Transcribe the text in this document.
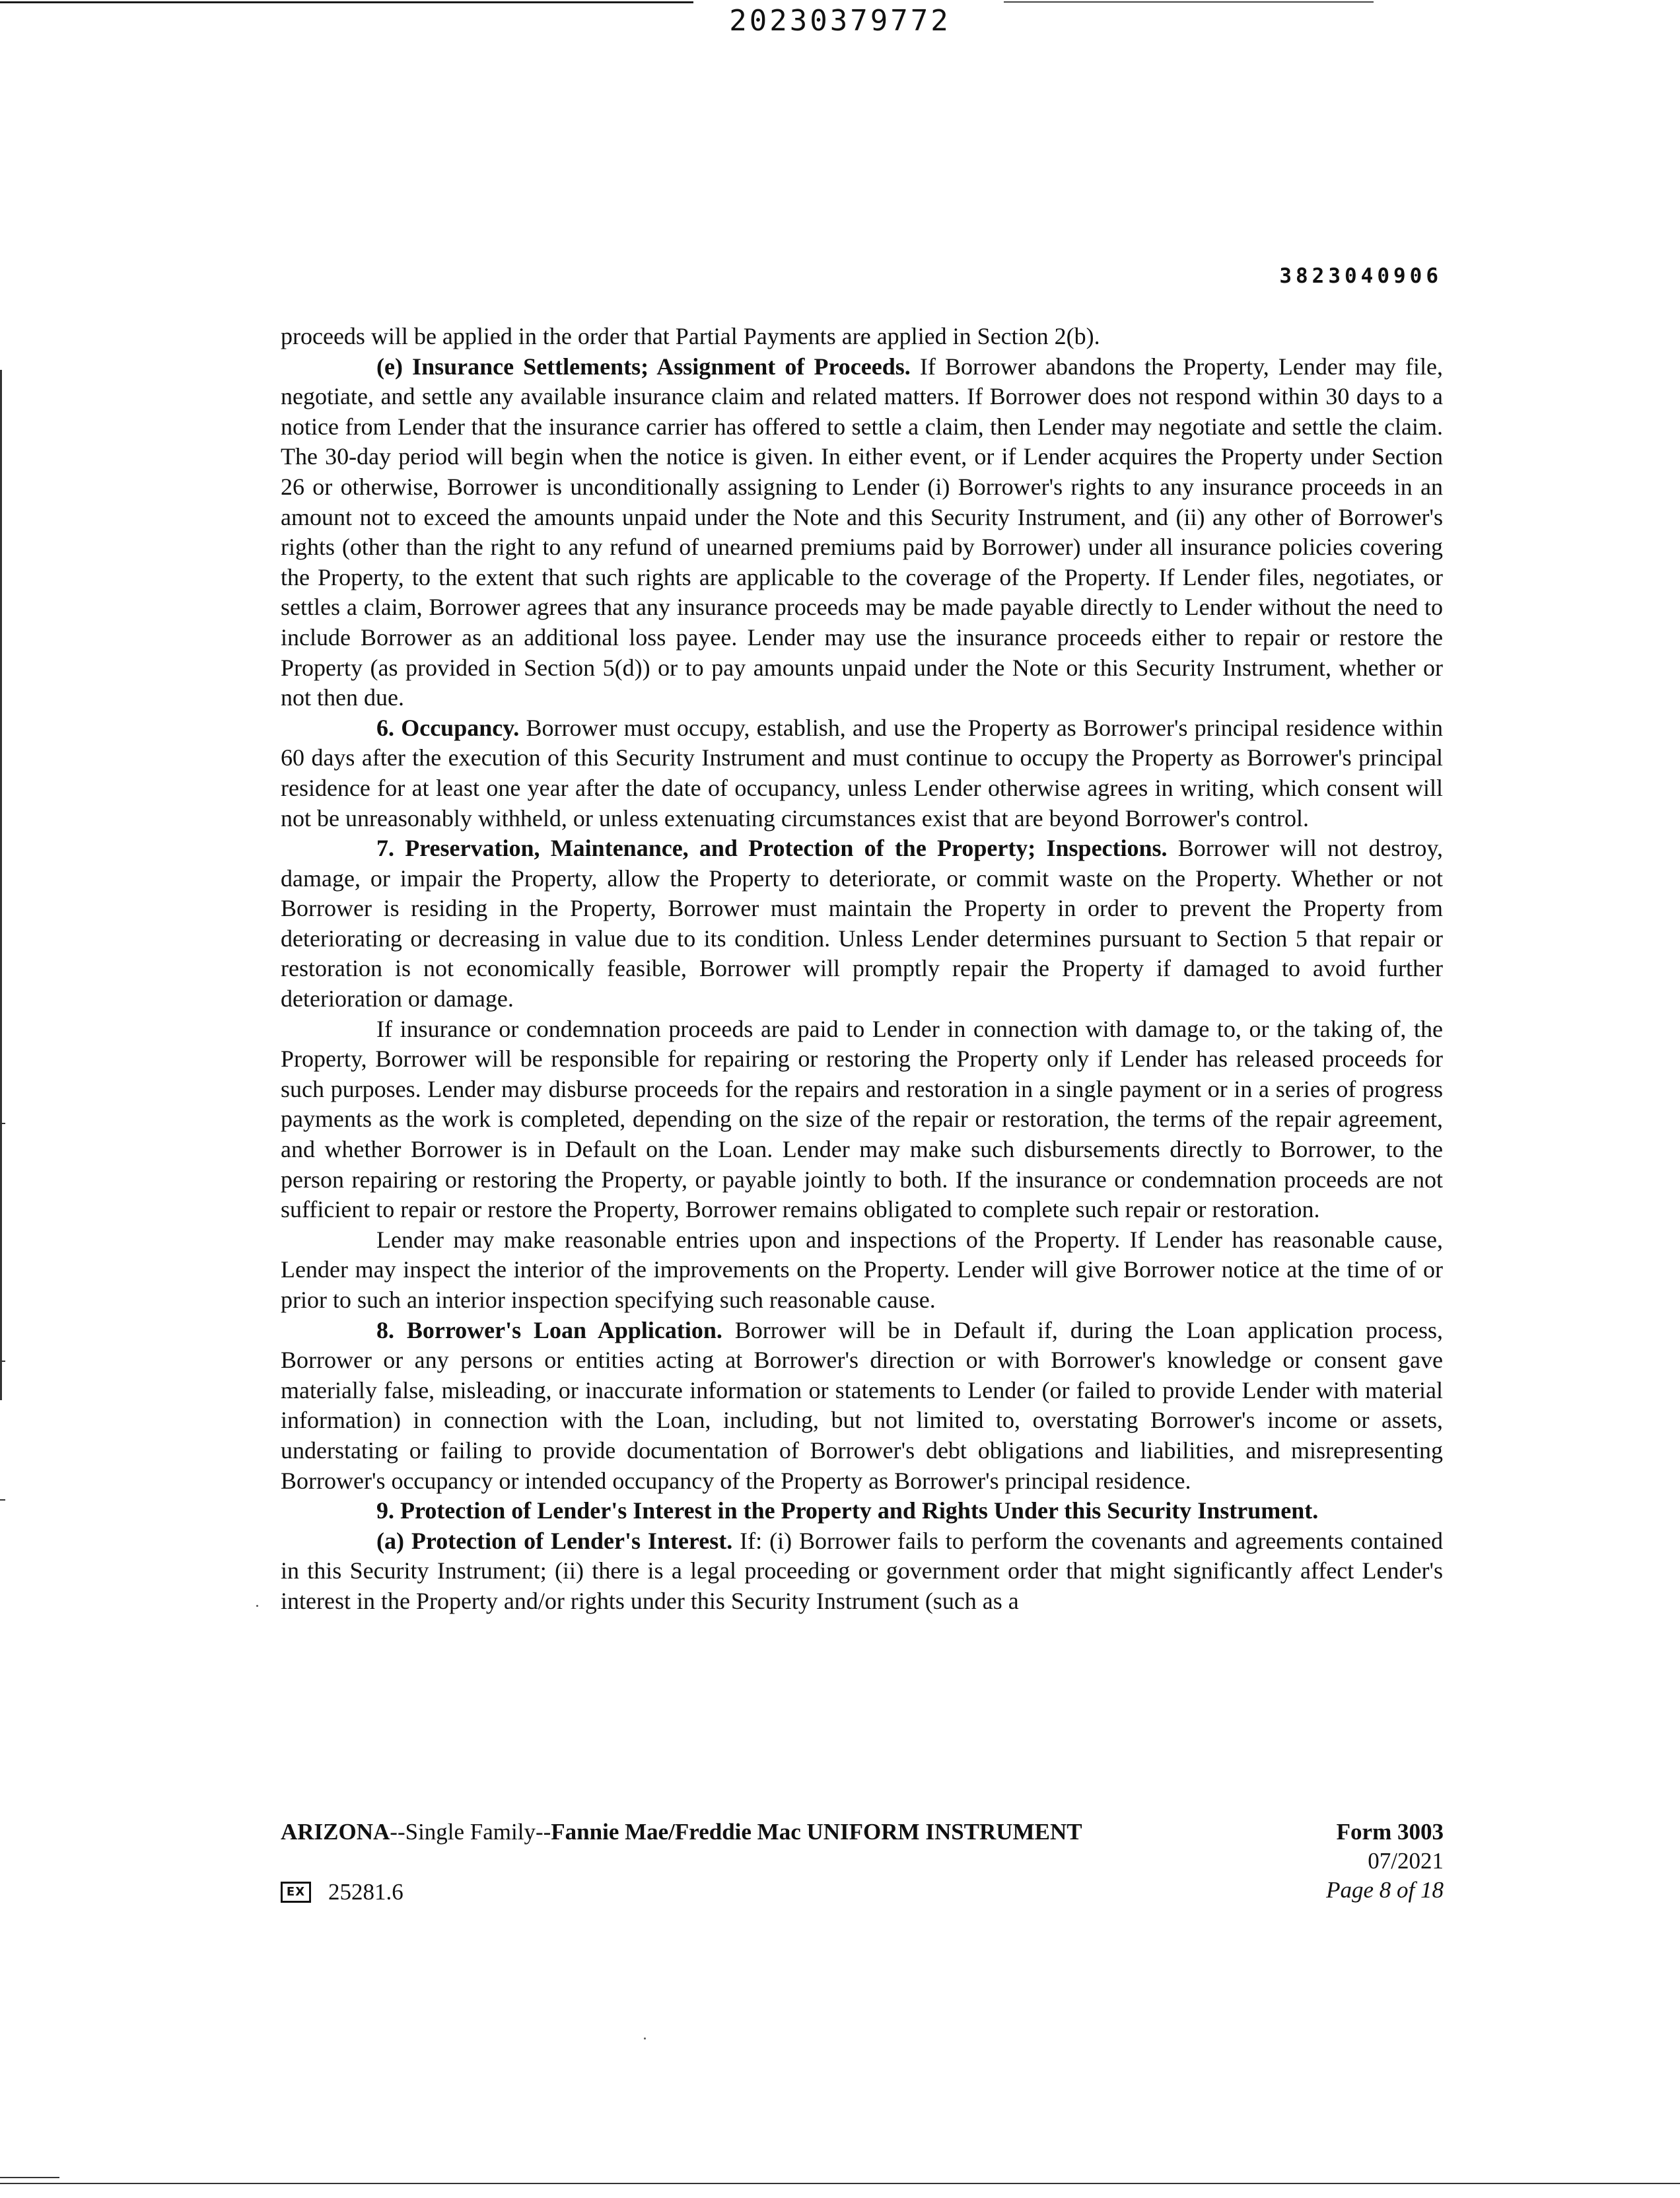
20230379772
3823040906

proceeds will be applied in the order that Partial Payments are applied in Section 2(b).

(e) Insurance Settlements; Assignment of Proceeds. If Borrower abandons the Property, Lender may file, negotiate, and settle any available insurance claim and related matters. If Borrower does not respond within 30 days to a notice from Lender that the insurance carrier has offered to settle a claim, then Lender may negotiate and settle the claim. The 30-day period will begin when the notice is given. In either event, or if Lender acquires the Property under Section 26 or otherwise, Borrower is unconditionally assigning to Lender (i) Borrower's rights to any insurance proceeds in an amount not to exceed the amounts unpaid under the Note and this Security Instrument, and (ii) any other of Borrower's rights (other than the right to any refund of unearned premiums paid by Borrower) under all insurance policies covering the Property, to the extent that such rights are applicable to the coverage of the Property. If Lender files, negotiates, or settles a claim, Borrower agrees that any insurance proceeds may be made payable directly to Lender without the need to include Borrower as an additional loss payee. Lender may use the insurance proceeds either to repair or restore the Property (as provided in Section 5(d)) or to pay amounts unpaid under the Note or this Security Instrument, whether or not then due.

6. Occupancy. Borrower must occupy, establish, and use the Property as Borrower's principal residence within 60 days after the execution of this Security Instrument and must continue to occupy the Property as Borrower's principal residence for at least one year after the date of occupancy, unless Lender otherwise agrees in writing, which consent will not be unreasonably withheld, or unless extenuating circumstances exist that are beyond Borrower's control.

7. Preservation, Maintenance, and Protection of the Property; Inspections. Borrower will not destroy, damage, or impair the Property, allow the Property to deteriorate, or commit waste on the Property. Whether or not Borrower is residing in the Property, Borrower must maintain the Property in order to prevent the Property from deteriorating or decreasing in value due to its condition. Unless Lender determines pursuant to Section 5 that repair or restoration is not economically feasible, Borrower will promptly repair the Property if damaged to avoid further deterioration or damage.

If insurance or condemnation proceeds are paid to Lender in connection with damage to, or the taking of, the Property, Borrower will be responsible for repairing or restoring the Property only if Lender has released proceeds for such purposes. Lender may disburse proceeds for the repairs and restoration in a single payment or in a series of progress payments as the work is completed, depending on the size of the repair or restoration, the terms of the repair agreement, and whether Borrower is in Default on the Loan. Lender may make such disbursements directly to Borrower, to the person repairing or restoring the Property, or payable jointly to both. If the insurance or condemnation proceeds are not sufficient to repair or restore the Property, Borrower remains obligated to complete such repair or restoration.

Lender may make reasonable entries upon and inspections of the Property. If Lender has reasonable cause, Lender may inspect the interior of the improvements on the Property. Lender will give Borrower notice at the time of or prior to such an interior inspection specifying such reasonable cause.

8. Borrower's Loan Application. Borrower will be in Default if, during the Loan application process, Borrower or any persons or entities acting at Borrower's direction or with Borrower's knowledge or consent gave materially false, misleading, or inaccurate information or statements to Lender (or failed to provide Lender with material information) in connection with the Loan, including, but not limited to, overstating Borrower's income or assets, understating or failing to provide documentation of Borrower's debt obligations and liabilities, and misrepresenting Borrower's occupancy or intended occupancy of the Property as Borrower's principal residence.

9. Protection of Lender's Interest in the Property and Rights Under this Security Instrument.

(a) Protection of Lender's Interest. If: (i) Borrower fails to perform the covenants and agreements contained in this Security Instrument; (ii) there is a legal proceeding or government order that might significantly affect Lender's interest in the Property and/or rights under this Security Instrument (such as a

ARIZONA--Single Family--Fannie Mae/Freddie Mac UNIFORM INSTRUMENT	Form 3003
07/2021
Page 8 of 18
EX 25281.6
